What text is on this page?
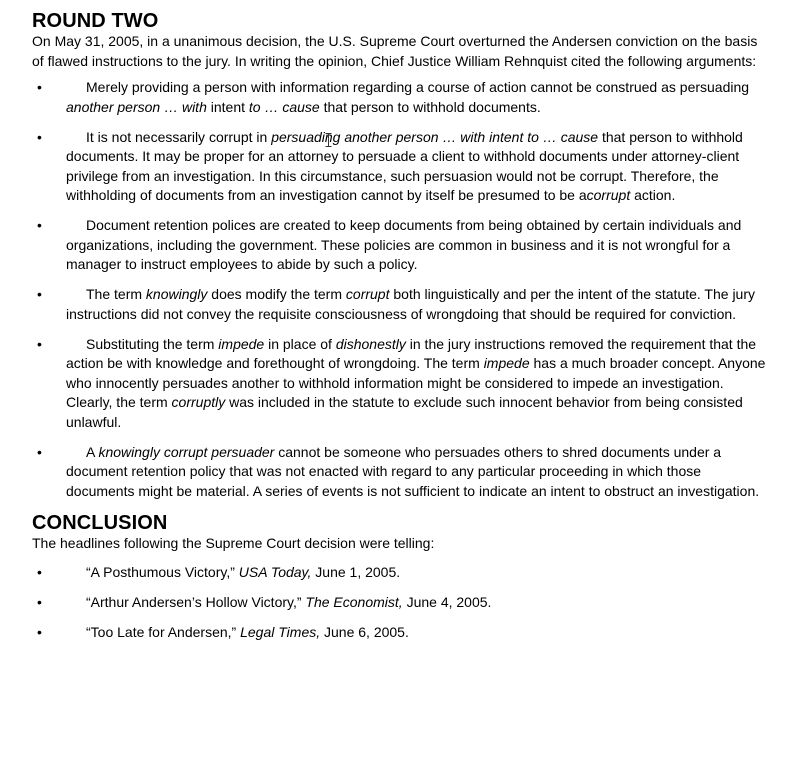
ROUND TWO

On May 31, 2005, in a unanimous decision, the U.S. Supreme Court overturned the Andersen conviction on the basis of flawed instructions to the jury. In writing the opinion, Chief Justice William Rehnquist cited the following arguments:

•	Merely providing a person with information regarding a course of action cannot be construed as persuading another person … with intent to … cause that person to withhold documents.
•	It is not necessarily corrupt in persuading another person … with intent to … cause that person to withhold documents. It may be proper for an attorney to persuade a client to withhold documents under attorney-client privilege from an investigation. In this circumstance, such persuasion would not be corrupt. Therefore, the withholding of documents from an investigation cannot by itself be presumed to be acorrupt action.
•	Document retention polices are created to keep documents from being obtained by certain individuals and organizations, including the government. These policies are common in business and it is not wrongful for a manager to instruct employees to abide by such a policy.
•	The term knowingly does modify the term corrupt both linguistically and per the intent of the statute. The jury instructions did not convey the requisite consciousness of wrongdoing that should be required for conviction.
•	Substituting the term impede in place of dishonestly in the jury instructions removed the requirement that the action be with knowledge and forethought of wrongdoing. The term impede has a much broader concept. Anyone who innocently persuades another to withhold information might be considered to impede an investigation. Clearly, the term corruptly was included in the statute to exclude such innocent behavior from being consisted unlawful.
•	A knowingly corrupt persuader cannot be someone who persuades others to shred documents under a document retention policy that was not enacted with regard to any particular proceeding in which those documents might be material. A series of events is not sufficient to indicate an intent to obstruct an investigation.
CONCLUSION

The headlines following the Supreme Court decision were telling:

•	“A Posthumous Victory,” USA Today, June 1, 2005.
•	“Arthur Andersen’s Hollow Victory,” The Economist, June 4, 2005.
•	“Too Late for Andersen,” Legal Times, June 6, 2005.
